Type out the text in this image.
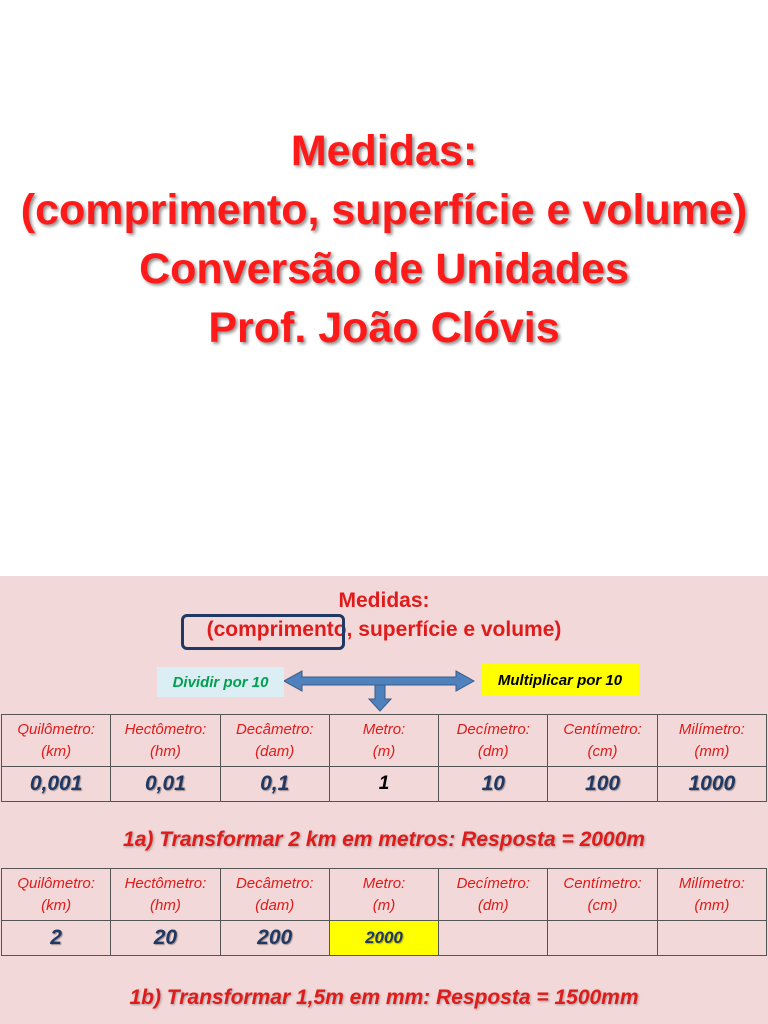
Medidas:
(comprimento, superfície e volume)
Conversão de Unidades
Prof. João Clóvis
Medidas:
(comprimento, superfície e volume)
Dividir por 10	Multiplicar por 10
Quilômetro:
(km)	Hectômetro:
(hm)	Decâmetro:
(dam)	Metro:
(m)	Decímetro:
(dm)	Centímetro:
(cm)	Milímetro:
(mm)
0,001	0,01	0,1	1	10	100	1000
1a) Transformar 2 km em metros: Resposta = 2000m
Quilômetro:
(km)	Hectômetro:
(hm)	Decâmetro:
(dam)	Metro:
(m)	Decímetro:
(dm)	Centímetro:
(cm)	Milímetro:
(mm)
2	20	200	2000			
1b) Transformar 1,5m em mm: Resposta = 1500mm
